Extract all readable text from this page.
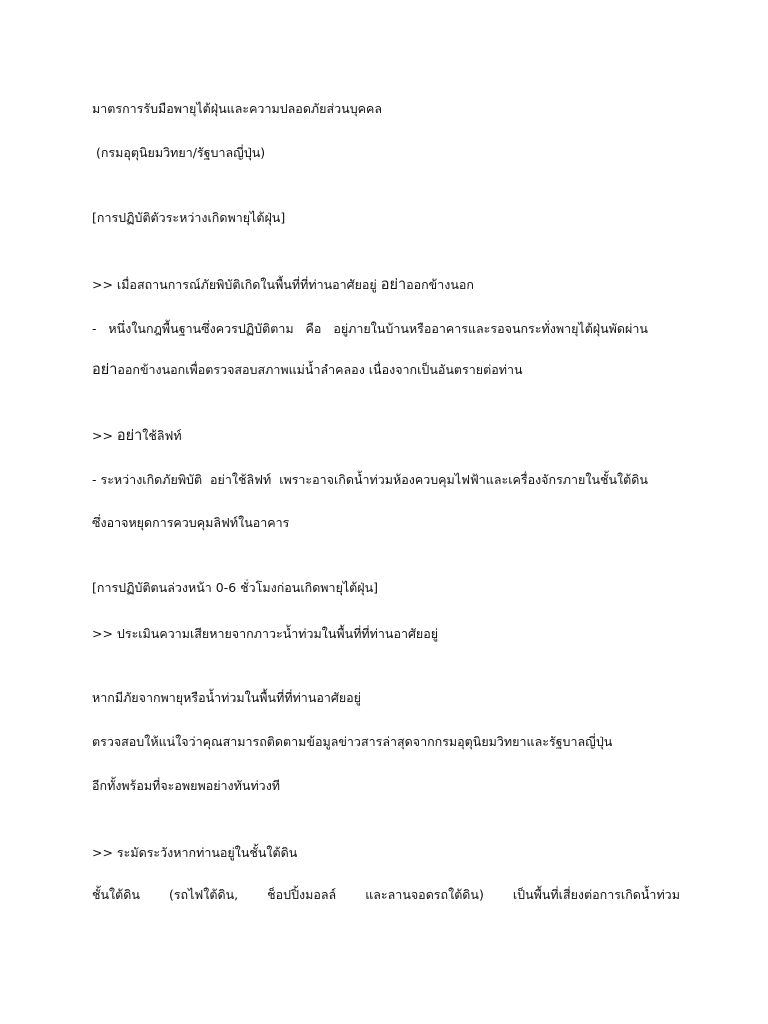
มาตรการรับมือพายุไต้ฝุ่นและความปลอดภัยส่วนบุคคล
(กรมอุตุนิยมวิทยา/รัฐบาลญี่ปุ่น)
[การปฏิบัติตัวระหว่างเกิดพายุไต้ฝุ่น]
>> เมื่อสถานการณ์ภัยพิบัติเกิดในพื้นที่ที่ท่านอาศัยอยู่ อย่าออกข้างนอก
-   หนึ่งในกฎพื้นฐานซึ่งควรปฏิบัติตาม   คือ   อยู่ภายในบ้านหรืออาคารและรอจนกระทั่งพายุไต้ฝุ่นพัดผ่าน
อย่าออกข้างนอกเพื่อตรวจสอบสภาพแม่น้ำลำคลอง เนื่องจากเป็นอันตรายต่อท่าน
>> อย่าใช้ลิฟท์
- ระหว่างเกิดภัยพิบัติ  อย่าใช้ลิฟท์  เพราะอาจเกิดน้ำท่วมห้องควบคุมไฟฟ้าและเครื่องจักรภายในชั้นใต้ดิน
ซึ่งอาจหยุดการควบคุมลิฟท์ในอาคาร
[การปฏิบัติตนล่วงหน้า 0-6 ชั่วโมงก่อนเกิดพายุไต้ฝุ่น]
>> ประเมินความเสียหายจากภาวะน้ำท่วมในพื้นที่ที่ท่านอาศัยอยู่
หากมีภัยจากพายุหรือน้ำท่วมในพื้นที่ที่ท่านอาศัยอยู่
ตรวจสอบให้แน่ใจว่าคุณสามารถติดตามข้อมูลข่าวสารล่าสุดจากกรมอุตุนิยมวิทยาและรัฐบาลญี่ปุ่น
อีกทั้งพร้อมที่จะอพยพอย่างทันท่วงที
>> ระมัดระวังหากท่านอยู่ในชั้นใต้ดิน
ชั้นใต้ดิน (รถไฟใต้ดิน, ช็อปปิ้งมอลล์ และลานจอดรถใต้ดิน) เป็นพื้นที่เสี่ยงต่อการเกิดน้ำท่วม
